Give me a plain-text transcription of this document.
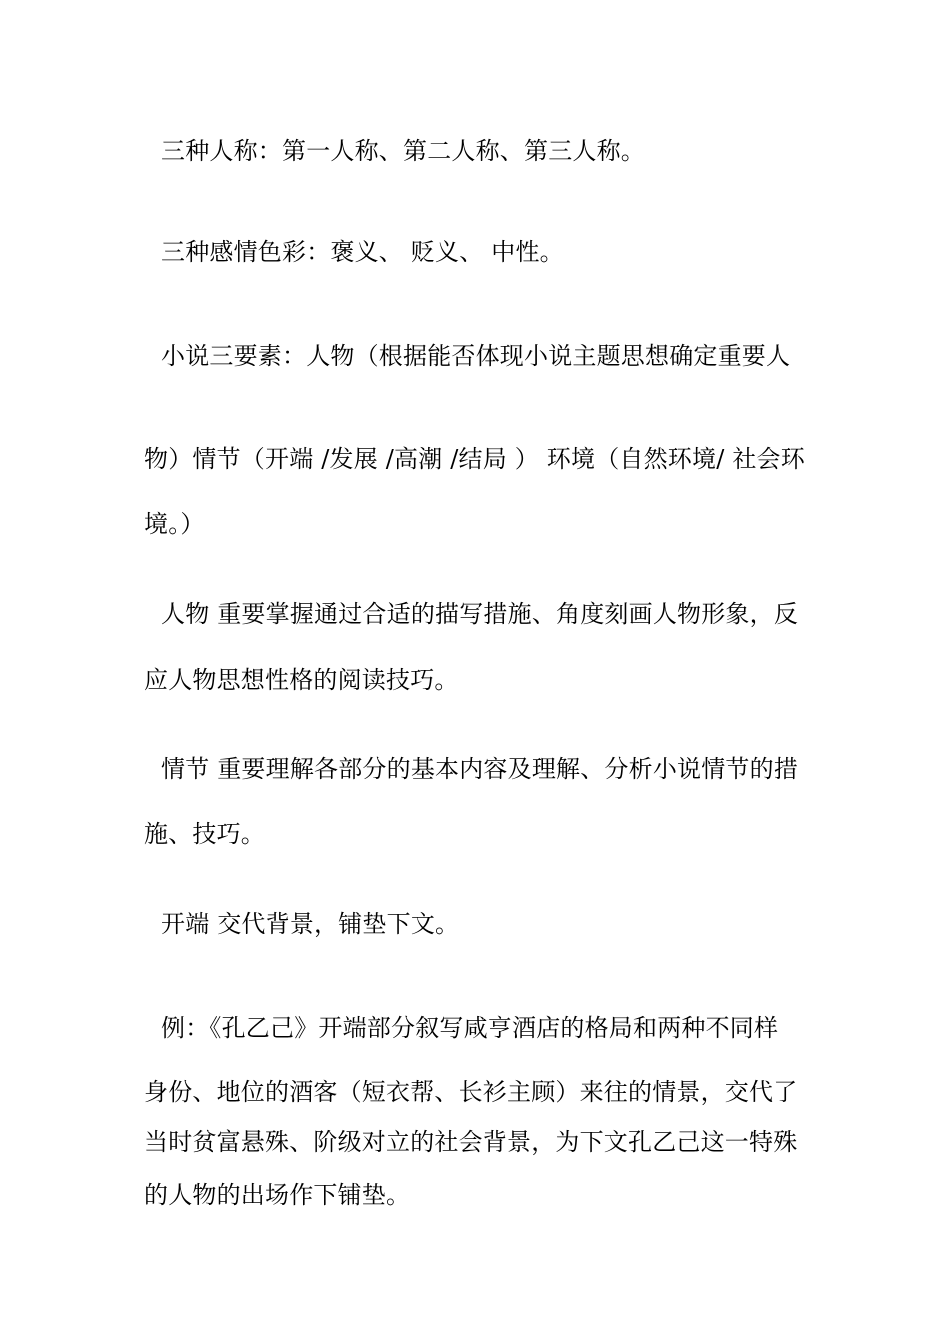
三种人称：第一人称、第二人称、第三人称。
三种感情色彩：褒义、 贬义、 中性。
小说三要素：人物（根据能否体现小说主题思想确定重要人
物）情节（开端 /发展 /高潮 /结局 ） 环境（自然环境/ 社会环
境。）
人物 重要掌握通过合适的描写措施、角度刻画人物形象，反
应人物思想性格的阅读技巧。
情节 重要理解各部分的基本内容及理解、分析小说情节的措
施、技巧。
开端 交代背景，铺垫下文。
例：《孔乙己》开端部分叙写咸亨酒店的格局和两种不同样
身份、地位的酒客（短衣帮、长衫主顾）来往的情景，交代了
当时贫富悬殊、阶级对立的社会背景，为下文孔乙己这一特殊
的人物的出场作下铺垫。
